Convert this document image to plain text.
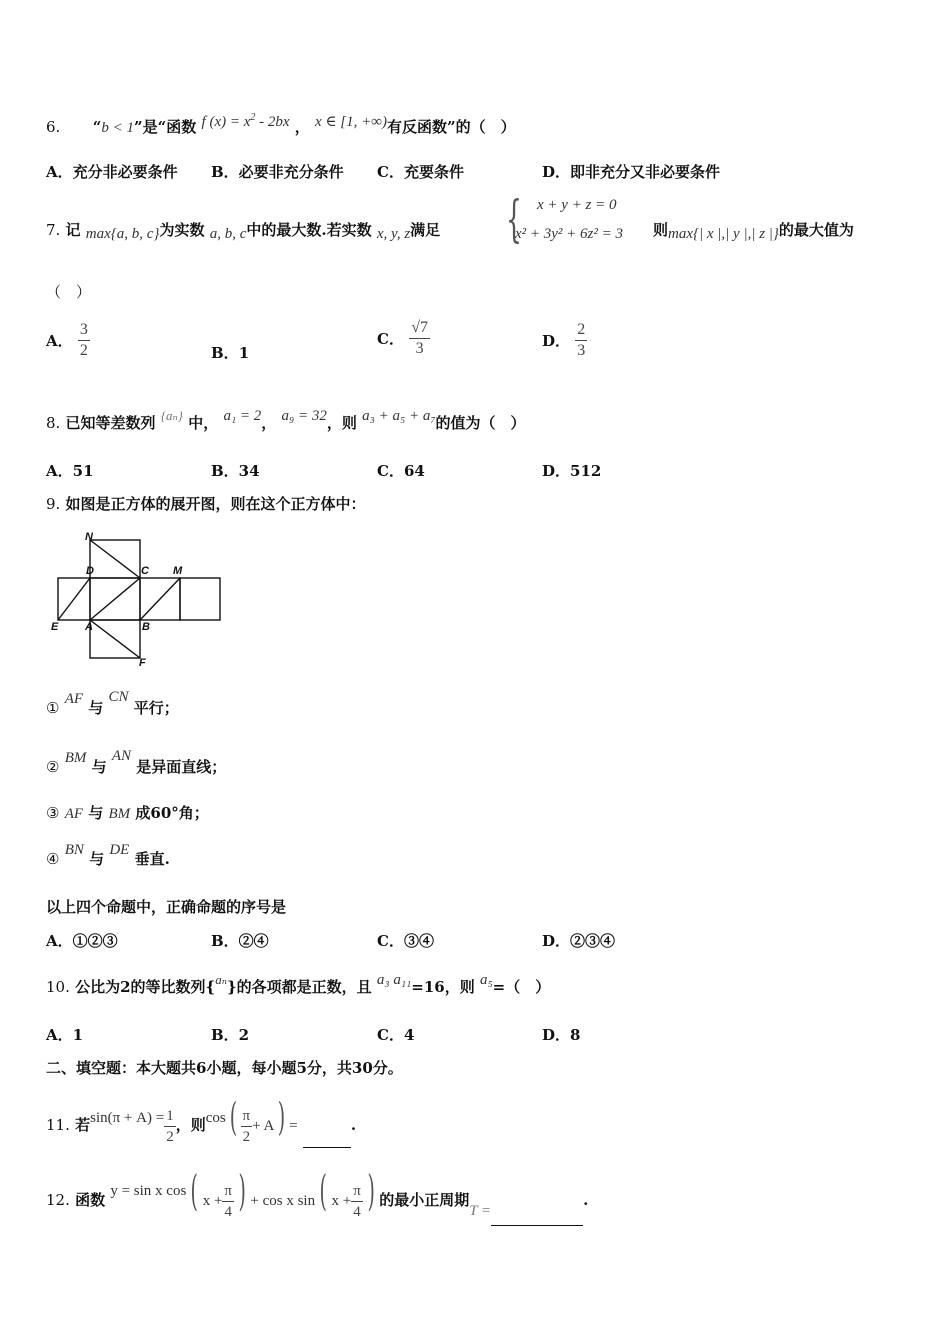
6. “b < 1”是“函数 f $(x) = x^2 - 2bx$ ， x ∈ [1, +∞)有反函数”的（　）
A．充分非必要条件 B．必要非充分条件 C．充要条件	D．即非充分又非必要条件
7. 记 max{a, b, c}为实数 a, b, c中的最大数.若实数 x, y, z满足 { x + y + z = 0
x² + 3y² + 6z² = 3 则max{| x |,| y |,| z |}的最大值为
（　）
A． $\frac{3}{2}$	B．1
C． $\frac{√7}{3}$	D． $\frac{2}{3}$
8. 已知等差数列 {aₙ} 中， a₁ = 2， a₉ = 32，则 a₃ + a₅ + a₇的值为（　）
A．51	B．34	C．64	D．512
9. 如图是正方体的展开图，则在这个正方体中：
N
D	C M
E A	B
F
① AF 与 CN 平行；
② BM 与 AN 是异面直线；
③ AF 与 BM 成60°角；
④ BN 与 DE 垂直.
以上四个命题中，正确命题的序号是
A．①②③	B．②④	C．③④	D．②③④
10. 公比为2的等比数列{aₙ}的各项都是正数，且 a₃ a₁₁=16，则 a₅=（　）
A．1	B．2	C．4	D．8
二、填空题：本大题共6小题，每小题5分，共30分。
11. 若$\sin(\pi + A) = \frac{1}{2}$ ，则$\cos( \frac{\pi}{2} + A)$ =	.
12. 函数 y = sin x cos ( $x + \frac{\pi}{4}$ ) + cos x sin ( $x + \frac{\pi}{4}$ ) 的最小正周期T =.
